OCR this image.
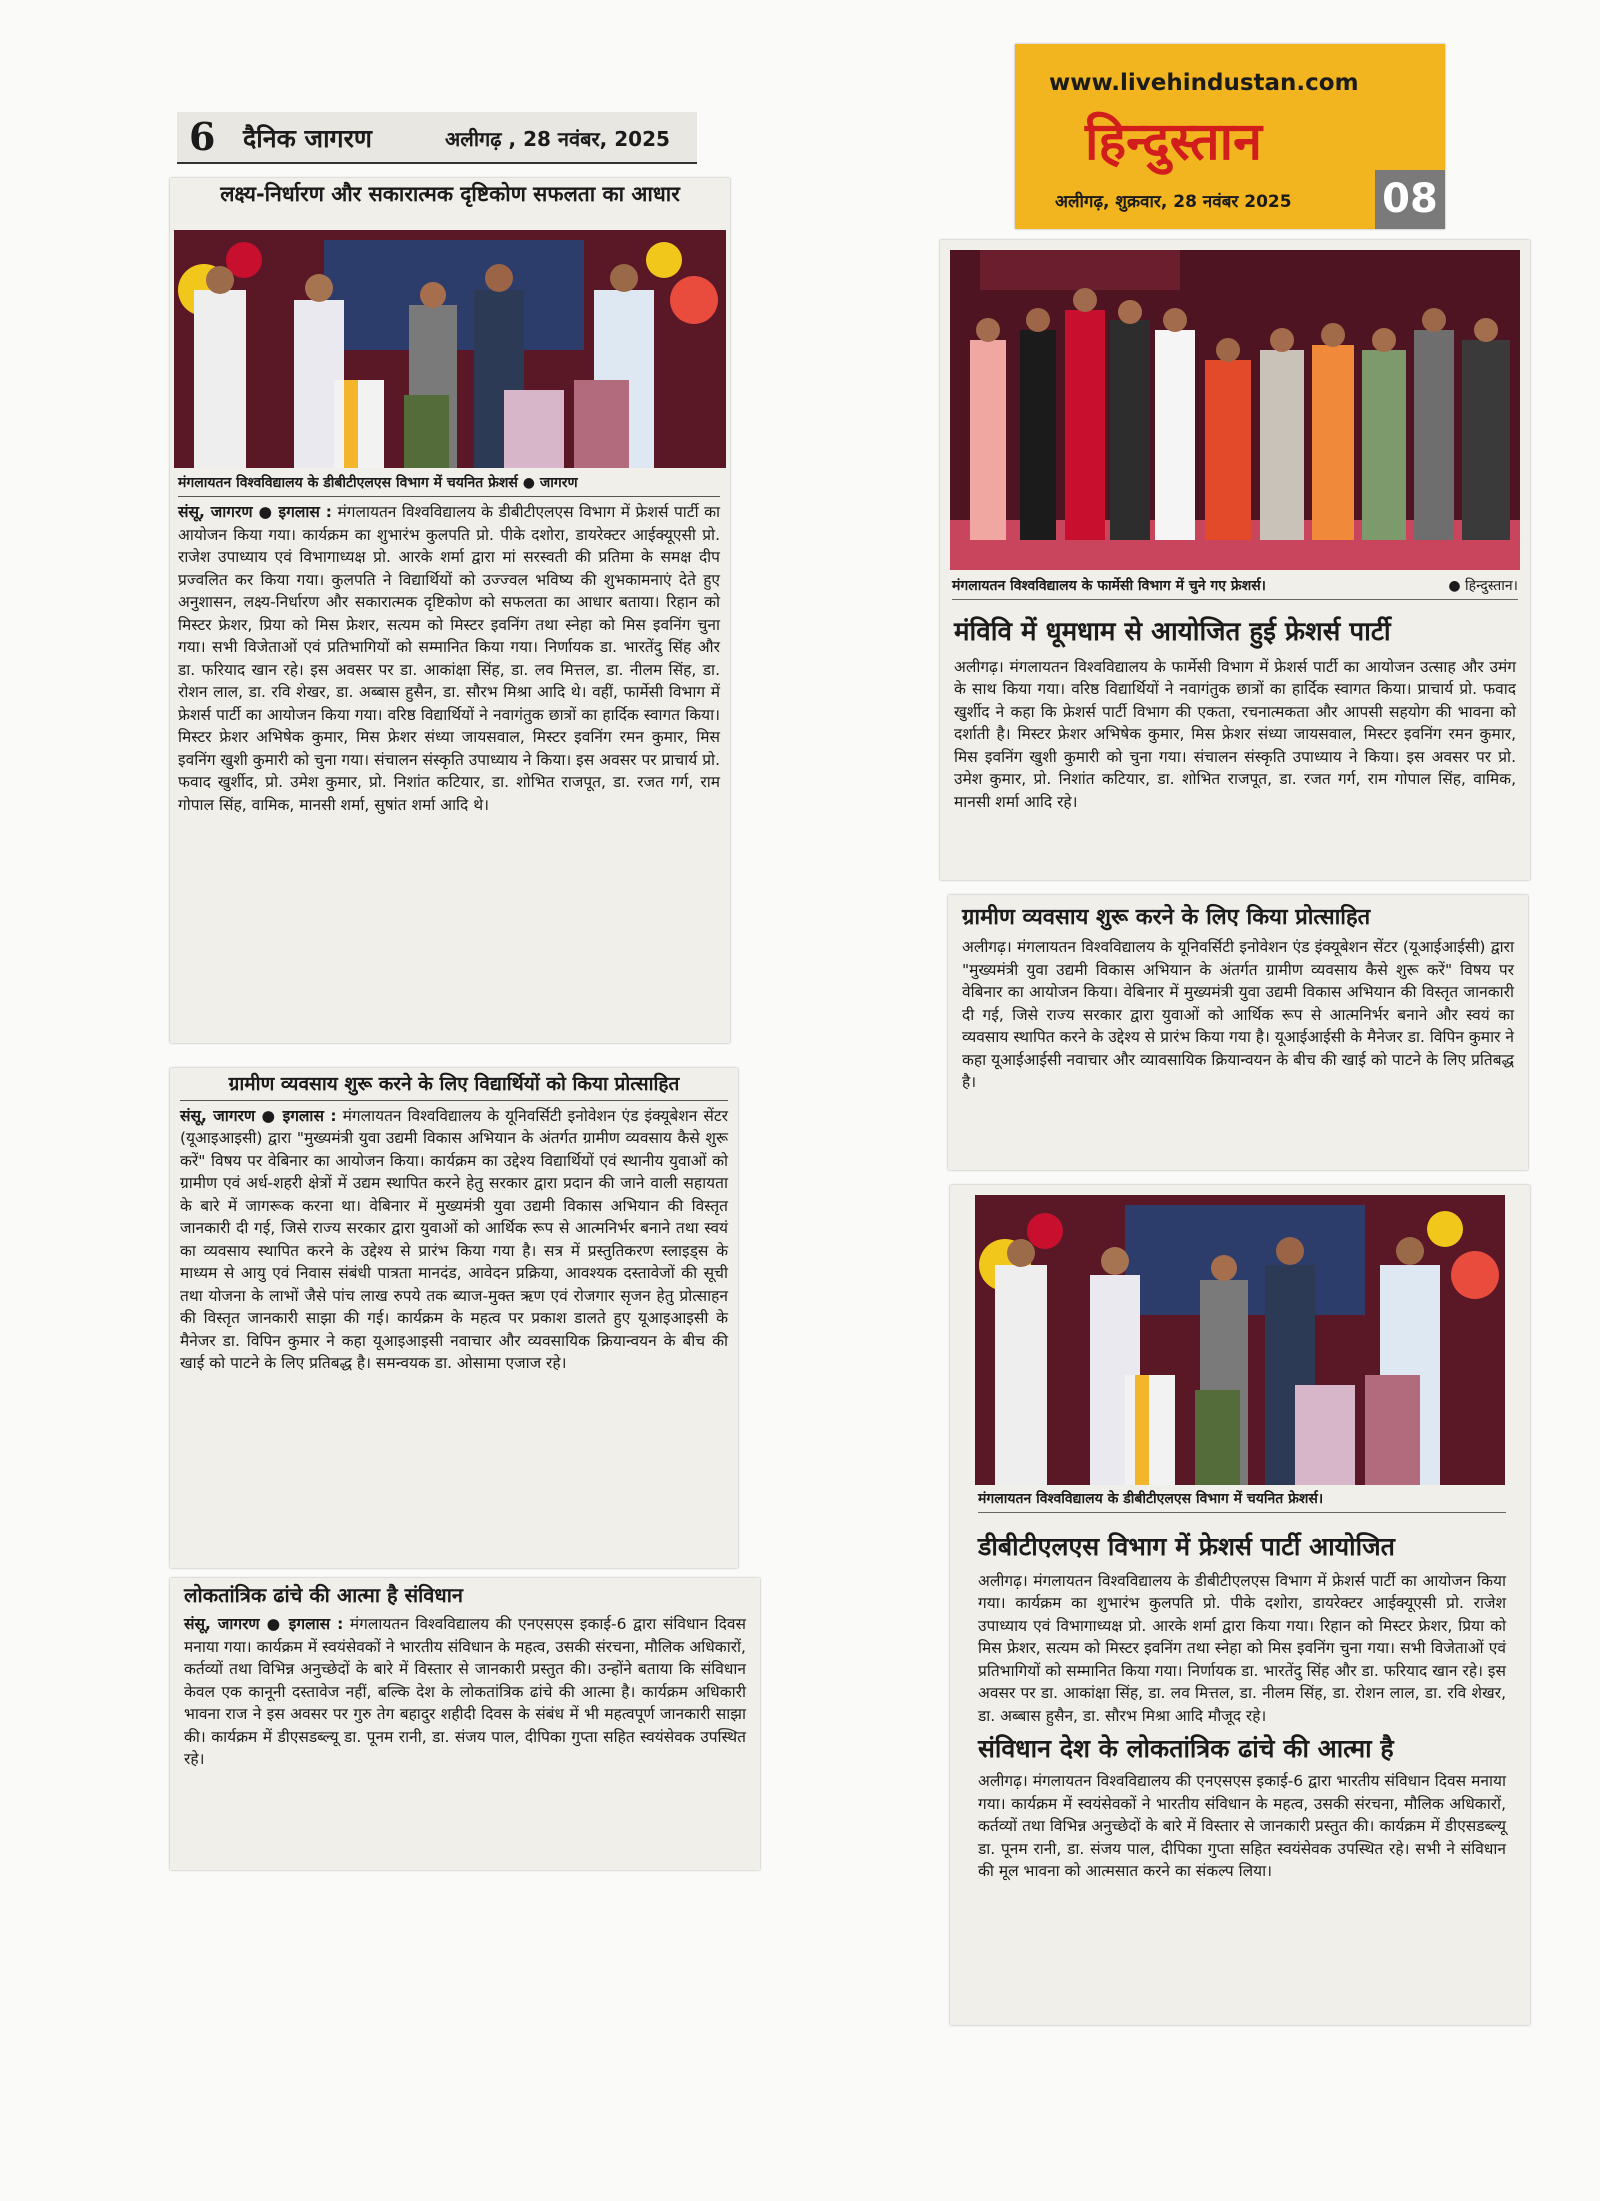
6 दैनिक जागरण	अलीगढ़ , 28 नवंबर, 2025
लक्ष्य-निर्धारण और सकारात्मक दृष्टिकोण सफलता का आधार

मंगलायतन विश्वविद्यालय के डीबीटीएलएस विभाग में चयनित फ्रेशर्स ● जागरण

संसू, जागरण ● इगलास : मंगलायतन विश्वविद्यालय के डीबीटीएलएस विभाग में फ्रेशर्स पार्टी का आयोजन किया गया। कार्यक्रम का शुभारंभ कुलपति प्रो. पीके दशोरा, डायरेक्टर आईक्यूएसी प्रो. राजेश उपाध्याय एवं विभागाध्यक्ष प्रो. आरके शर्मा द्वारा मां सरस्वती की प्रतिमा के समक्ष दीप प्रज्वलित कर किया गया। कुलपति ने विद्यार्थियों को उज्ज्वल भविष्य की शुभकामनाएं देते हुए अनुशासन, लक्ष्य-निर्धारण और सकारात्मक दृष्टिकोण को सफलता का आधार बताया। रिहान को मिस्टर फ्रेशर, प्रिया को मिस फ्रेशर, सत्यम को मिस्टर इवनिंग तथा स्नेहा को मिस इवनिंग चुना गया। सभी विजेताओं एवं प्रतिभागियों को सम्मानित किया गया। निर्णायक डा. भारतेंदु सिंह और डा. फरियाद खान रहे। इस अवसर पर डा. आकांक्षा सिंह, डा. लव मित्तल, डा. नीलम सिंह, डा. रोशन लाल, डा. रवि शेखर, डा. अब्बास हुसैन, डा. सौरभ मिश्रा आदि थे। वहीं, फार्मेसी विभाग में फ्रेशर्स पार्टी का आयोजन किया गया। वरिष्ठ विद्यार्थियों ने नवागंतुक छात्रों का हार्दिक स्वागत किया। मिस्टर फ्रेशर अभिषेक कुमार, मिस फ्रेशर संध्या जायसवाल, मिस्टर इवनिंग रमन कुमार, मिस इवनिंग खुशी कुमारी को चुना गया। संचालन संस्कृति उपाध्याय ने किया। इस अवसर पर प्राचार्य प्रो. फवाद खुर्शीद, प्रो. उमेश कुमार, प्रो. निशांत कटियार, डा. शोभित राजपूत, डा. रजत गर्ग, राम गोपाल सिंह, वामिक, मानसी शर्मा, सुषांत शर्मा आदि थे।

ग्रामीण व्यवसाय शुरू करने के लिए विद्यार्थियों को किया प्रोत्साहित

संसू, जागरण ● इगलास : मंगलायतन विश्वविद्यालय के यूनिवर्सिटी इनोवेशन एंड इंक्यूबेशन सेंटर (यूआइआइसी) द्वारा "मुख्यमंत्री युवा उद्यमी विकास अभियान के अंतर्गत ग्रामीण व्यवसाय कैसे शुरू करें" विषय पर वेबिनार का आयोजन किया। कार्यक्रम का उद्देश्य विद्यार्थियों एवं स्थानीय युवाओं को ग्रामीण एवं अर्ध-शहरी क्षेत्रों में उद्यम स्थापित करने हेतु सरकार द्वारा प्रदान की जाने वाली सहायता के बारे में जागरूक करना था। वेबिनार में मुख्यमंत्री युवा उद्यमी विकास अभियान की विस्तृत जानकारी दी गई, जिसे राज्य सरकार द्वारा युवाओं को आर्थिक रूप से आत्मनिर्भर बनाने तथा स्वयं का व्यवसाय स्थापित करने के उद्देश्य से प्रारंभ किया गया है। सत्र में प्रस्तुतिकरण स्लाइड्स के माध्यम से आयु एवं निवास संबंधी पात्रता मानदंड, आवेदन प्रक्रिया, आवश्यक दस्तावेजों की सूची तथा योजना के लाभों जैसे पांच लाख रुपये तक ब्याज-मुक्त ऋण एवं रोजगार सृजन हेतु प्रोत्साहन की विस्तृत जानकारी साझा की गई। कार्यक्रम के महत्व पर प्रकाश डालते हुए यूआइआइसी के मैनेजर डा. विपिन कुमार ने कहा यूआइआइसी नवाचार और व्यवसायिक क्रियान्वयन के बीच की खाई को पाटने के लिए प्रतिबद्ध है। समन्वयक डा. ओसामा एजाज रहे।

लोकतांत्रिक ढांचे की आत्मा है संविधान

संसू, जागरण ● इगलास : मंगलायतन विश्वविद्यालय की एनएसएस इकाई-6 द्वारा संविधान दिवस मनाया गया। कार्यक्रम में स्वयंसेवकों ने भारतीय संविधान के महत्व, उसकी संरचना, मौलिक अधिकारों, कर्तव्यों तथा विभिन्न अनुच्छेदों के बारे में विस्तार से जानकारी प्रस्तुत की। उन्होंने बताया कि संविधान केवल एक कानूनी दस्तावेज नहीं, बल्कि देश के लोकतांत्रिक ढांचे की आत्मा है। कार्यक्रम अधिकारी भावना राज ने इस अवसर पर गुरु तेग बहादुर शहीदी दिवस के संबंध में भी महत्वपूर्ण जानकारी साझा की। कार्यक्रम में डीएसडब्ल्यू डा. पूनम रानी, डा. संजय पाल, दीपिका गुप्ता सहित स्वयंसेवक उपस्थित रहे।

www.livehindustan.com
हिन्दुस्तान
अलीगढ़, शुक्रवार, 28 नवंबर 2025 08
मंगलायतन विश्वविद्यालय के फार्मेसी विभाग में चुने गए फ्रेशर्स।	● हिन्दुस्तान।
मंविवि में धूमधाम से आयोजित हुई फ्रेशर्स पार्टी

अलीगढ़। मंगलायतन विश्वविद्यालय के फार्मेसी विभाग में फ्रेशर्स पार्टी का आयोजन उत्साह और उमंग के साथ किया गया। वरिष्ठ विद्यार्थियों ने नवागंतुक छात्रों का हार्दिक स्वागत किया। प्राचार्य प्रो. फवाद खुर्शीद ने कहा कि फ्रेशर्स पार्टी विभाग की एकता, रचनात्मकता और आपसी सहयोग की भावना को दर्शाती है। मिस्टर फ्रेशर अभिषेक कुमार, मिस फ्रेशर संध्या जायसवाल, मिस्टर इवनिंग रमन कुमार, मिस इवनिंग खुशी कुमारी को चुना गया। संचालन संस्कृति उपाध्याय ने किया। इस अवसर पर प्रो. उमेश कुमार, प्रो. निशांत कटियार, डा. शोभित राजपूत, डा. रजत गर्ग, राम गोपाल सिंह, वामिक, मानसी शर्मा आदि रहे।

ग्रामीण व्यवसाय शुरू करने के लिए किया प्रोत्साहित

अलीगढ़। मंगलायतन विश्वविद्यालय के यूनिवर्सिटी इनोवेशन एंड इंक्यूबेशन सेंटर (यूआईआईसी) द्वारा "मुख्यमंत्री युवा उद्यमी विकास अभियान के अंतर्गत ग्रामीण व्यवसाय कैसे शुरू करें" विषय पर वेबिनार का आयोजन किया। वेबिनार में मुख्यमंत्री युवा उद्यमी विकास अभियान की विस्तृत जानकारी दी गई, जिसे राज्य सरकार द्वारा युवाओं को आर्थिक रूप से आत्मनिर्भर बनाने और स्वयं का व्यवसाय स्थापित करने के उद्देश्य से प्रारंभ किया गया है। यूआईआईसी के मैनेजर डा. विपिन कुमार ने कहा यूआईआईसी नवाचार और व्यावसायिक क्रियान्वयन के बीच की खाई को पाटने के लिए प्रतिबद्ध है।

मंगलायतन विश्वविद्यालय के डीबीटीएलएस विभाग में चयनित फ्रेशर्स।

डीबीटीएलएस विभाग में फ्रेशर्स पार्टी आयोजित

अलीगढ़। मंगलायतन विश्वविद्यालय के डीबीटीएलएस विभाग में फ्रेशर्स पार्टी का आयोजन किया गया। कार्यक्रम का शुभारंभ कुलपति प्रो. पीके दशोरा, डायरेक्टर आईक्यूएसी प्रो. राजेश उपाध्याय एवं विभागाध्यक्ष प्रो. आरके शर्मा द्वारा किया गया। रिहान को मिस्टर फ्रेशर, प्रिया को मिस फ्रेशर, सत्यम को मिस्टर इवनिंग तथा स्नेहा को मिस इवनिंग चुना गया। सभी विजेताओं एवं प्रतिभागियों को सम्मानित किया गया। निर्णायक डा. भारतेंदु सिंह और डा. फरियाद खान रहे। इस अवसर पर डा. आकांक्षा सिंह, डा. लव मित्तल, डा. नीलम सिंह, डा. रोशन लाल, डा. रवि शेखर, डा. अब्बास हुसैन, डा. सौरभ मिश्रा आदि मौजूद रहे।

संविधान देश के लोकतांत्रिक ढांचे की आत्मा है

अलीगढ़। मंगलायतन विश्वविद्यालय की एनएसएस इकाई-6 द्वारा भारतीय संविधान दिवस मनाया गया। कार्यक्रम में स्वयंसेवकों ने भारतीय संविधान के महत्व, उसकी संरचना, मौलिक अधिकारों, कर्तव्यों तथा विभिन्न अनुच्छेदों के बारे में विस्तार से जानकारी प्रस्तुत की। कार्यक्रम में डीएसडब्ल्यू डा. पूनम रानी, डा. संजय पाल, दीपिका गुप्ता सहित स्वयंसेवक उपस्थित रहे। सभी ने संविधान की मूल भावना को आत्मसात करने का संकल्प लिया।
